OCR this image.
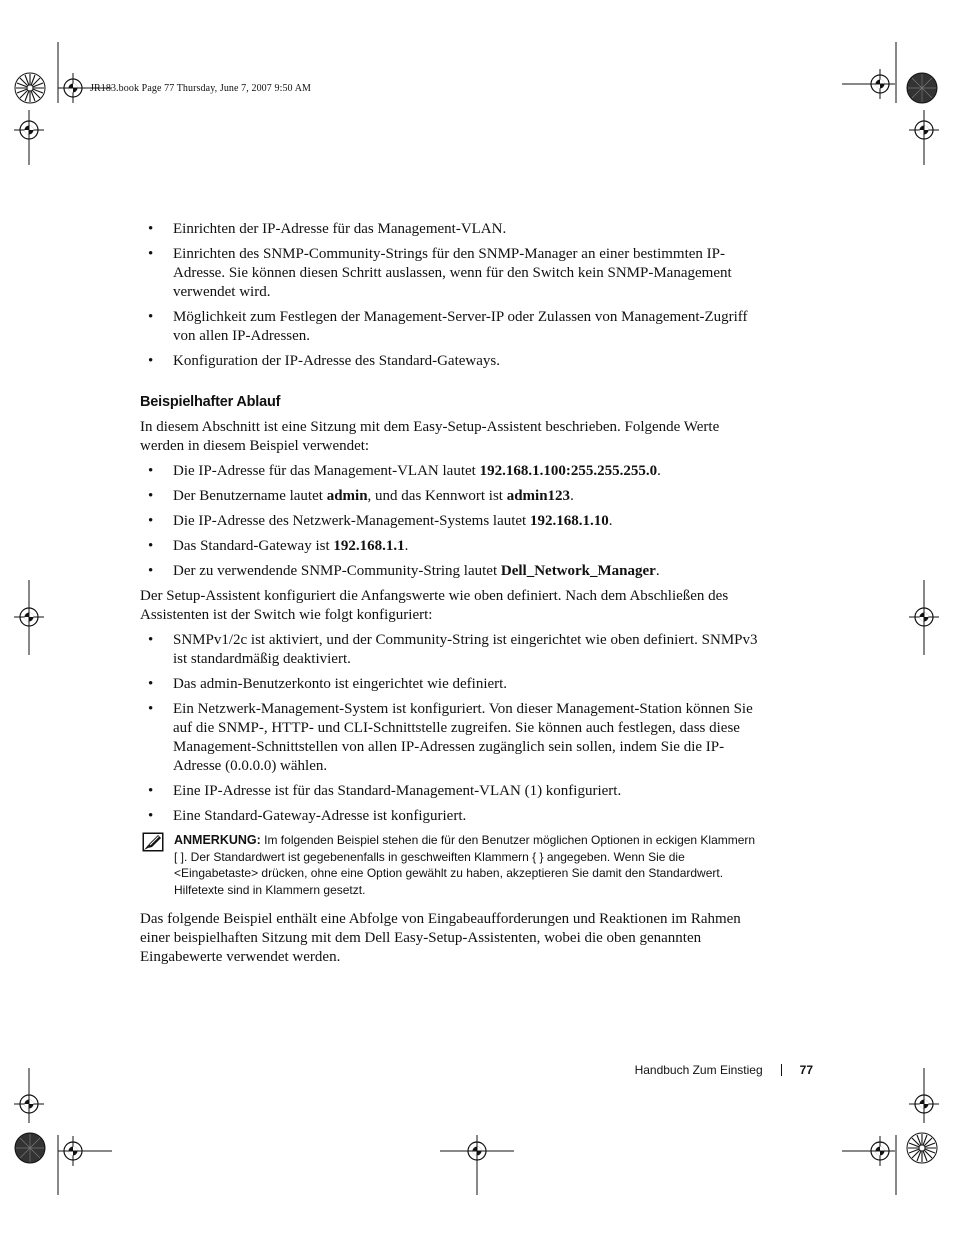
JR183.book Page 77 Thursday, June 7, 2007 9:50 AM
• Einrichten der IP-Adresse für das Management-VLAN.
• Einrichten des SNMP-Community-Strings für den SNMP-Manager an einer bestimmten IP-Adresse. Sie können diesen Schritt auslassen, wenn für den Switch kein SNMP-Management verwendet wird.
• Möglichkeit zum Festlegen der Management-Server-IP oder Zulassen von Management-Zugriff von allen IP-Adressen.
• Konfiguration der IP-Adresse des Standard-Gateways.
Beispielhafter Ablauf

In diesem Abschnitt ist eine Sitzung mit dem Easy-Setup-Assistent beschrieben. Folgende Werte werden in diesem Beispiel verwendet:

• Die IP-Adresse für das Management-VLAN lautet 192.168.1.100:255.255.255.0.
• Der Benutzername lautet admin, und das Kennwort ist admin123.
• Die IP-Adresse des Netzwerk-Management-Systems lautet 192.168.1.10.
• Das Standard-Gateway ist 192.168.1.1.
• Der zu verwendende SNMP-Community-String lautet Dell_Network_Manager.

Der Setup-Assistent konfiguriert die Anfangswerte wie oben definiert. Nach dem Abschließen des Assistenten ist der Switch wie folgt konfiguriert:

• SNMPv1/2c ist aktiviert, und der Community-String ist eingerichtet wie oben definiert. SNMPv3 ist standardmäßig deaktiviert.
• Das admin-Benutzerkonto ist eingerichtet wie definiert.
• Ein Netzwerk-Management-System ist konfiguriert. Von dieser Management-Station können Sie auf die SNMP-, HTTP- und CLI-Schnittstelle zugreifen. Sie können auch festlegen, dass diese Management-Schnittstellen von allen IP-Adressen zugänglich sein sollen, indem Sie die IP-Adresse (0.0.0.0) wählen.
• Eine IP-Adresse ist für das Standard-Management-VLAN (1) konfiguriert.
• Eine Standard-Gateway-Adresse ist konfiguriert.
ANMERKUNG: Im folgenden Beispiel stehen die für den Benutzer möglichen Optionen in eckigen Klammern [ ]. Der Standardwert ist gegebenenfalls in geschweiften Klammern { } angegeben. Wenn Sie die <Eingabetaste> drücken, ohne eine Option gewählt zu haben, akzeptieren Sie damit den Standardwert. Hilfetexte sind in Klammern gesetzt.

Das folgende Beispiel enthält eine Abfolge von Eingabeaufforderungen und Reaktionen im Rahmen einer beispielhaften Sitzung mit dem Dell Easy-Setup-Assistenten, wobei die oben genannten Eingabewerte verwendet werden.

Handbuch Zum Einstieg	77
